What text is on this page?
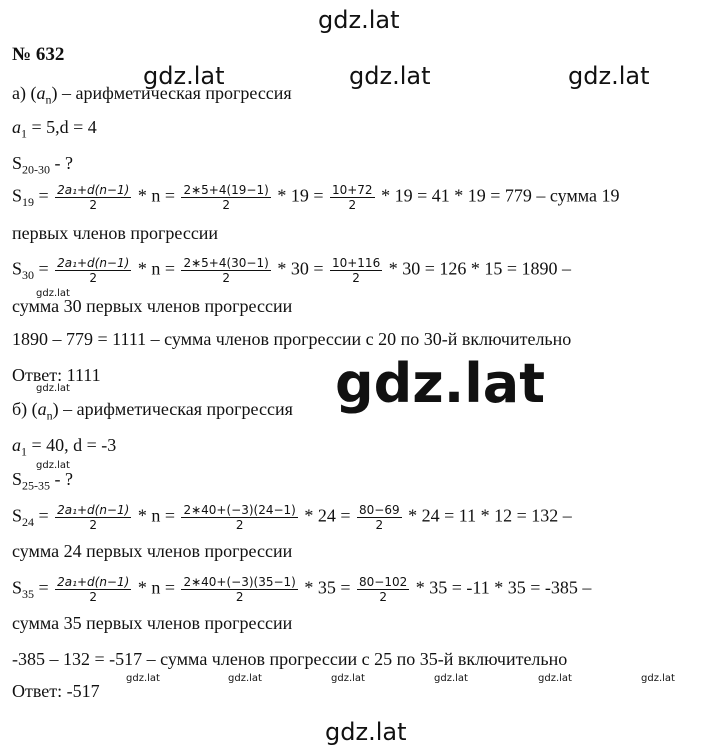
gdz.lat
gdz.lat	gdz.lat	gdz.lat
gdz.lat
gdz.lat
gdz.lat
gdz.lat
gdz.lat
gdz.lat	gdz.lat	gdz.lat	gdz.lat	gdz.lat	gdz.lat
№ 632
а) $(a_n)$ – арифметическая прогрессия
$a_1 = 5,d = 4$
$S_{20-30}$ - ?
$S_{19} = \frac{\text{2a₁+d(n−1)}}{2} * n = \frac{2∗5+4(19-1)}{2} * 19 = \frac{10+72}{2} * 19 = 41 * 19 = 779$ – сумма 19
первых членов прогрессии
$S_{30} = \frac{\text{2a₁+d(n−1)}}{2} * n = \frac{2∗5+4(30-1)}{2} * 30 = \frac{10+116}{2} * 30 = 126 * 15 = 1890$ –
сумма 30 первых членов прогрессии
1890 – 779 = 1111 – сумма членов прогрессии с 20 по 30-й включительно
Ответ: 1111
б) $(a_n)$ – арифметическая прогрессия
$a_1 = 40$, d = -3
$S_{25-35}$ - ?
$S_{24} = \frac{\text{2a₁+d(n−1)}}{2} * n = \frac{2∗40+(-3)(24-1)}{2} * 24 = \frac{80-69}{2} * 24 = 11 * 12 = 132$ –
сумма 24 первых членов прогрессии
$S_{35} = \frac{\text{2a₁+d(n−1)}}{2} * n = \frac{2∗40+(-3)(35-1)}{2} * 35 = \frac{80-102}{2} * 35 = -11 * 35 = -385$ –
сумма 35 первых членов прогрессии
-385 – 132 = -517 – сумма членов прогрессии с 25 по 35-й включительно
Ответ: -517
